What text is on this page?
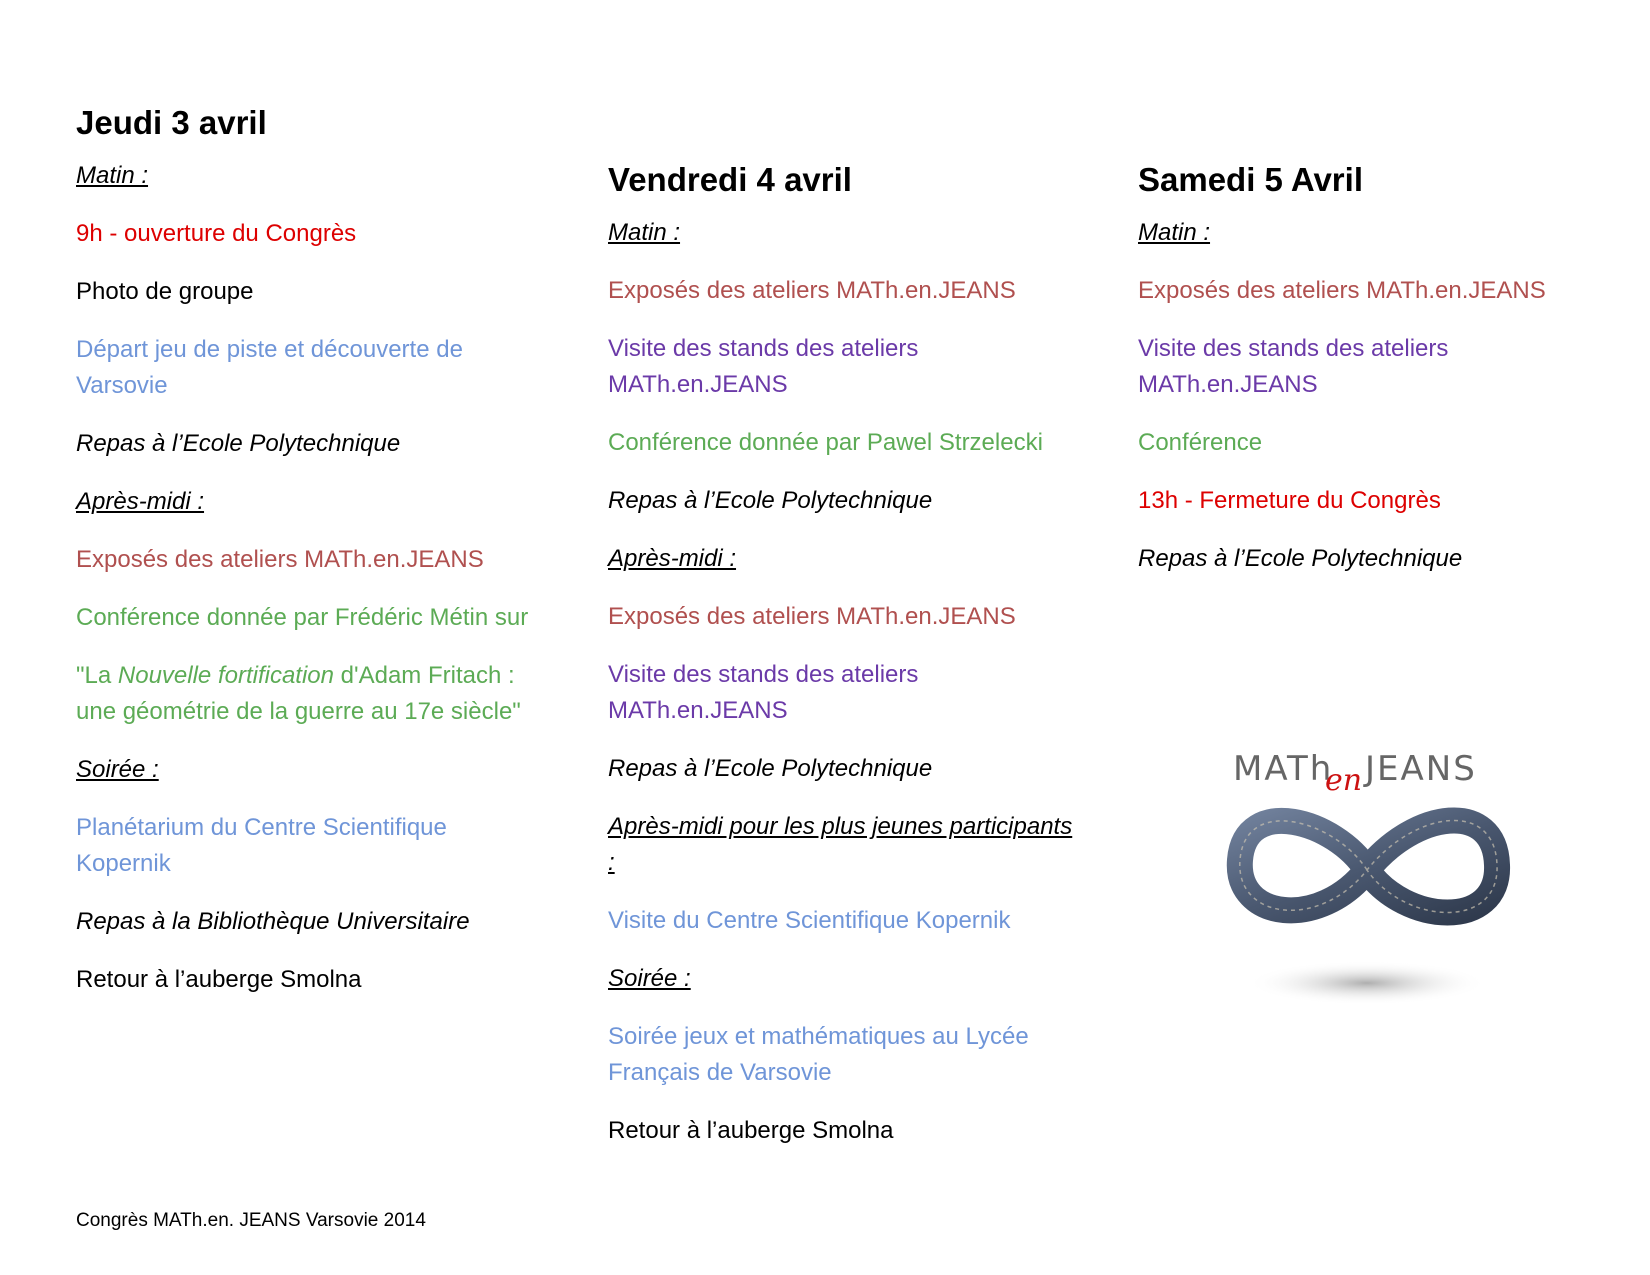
Jeudi 3 avril
Matin :
9h - ouverture du Congrès
Photo de groupe
Départ jeu de piste et découverte de Varsovie
Repas à l’Ecole Polytechnique
Après-midi :
Exposés des ateliers MATh.en.JEANS
Conférence donnée par Frédéric Métin sur
"La Nouvelle fortification d'Adam Fritach : une géométrie de la guerre au 17e siècle"
Soirée :
Planétarium du Centre Scientifique Kopernik
Repas à la Bibliothèque Universitaire
Retour à l’auberge Smolna
Vendredi 4 avril
Matin :
Exposés des ateliers MATh.en.JEANS
Visite des stands des ateliers MATh.en.JEANS
Conférence donnée par Pawel Strzelecki
Repas à l’Ecole Polytechnique
Après-midi :
Exposés des ateliers MATh.en.JEANS
Visite des stands des ateliers MATh.en.JEANS
Repas à l’Ecole Polytechnique
Après-midi pour les plus jeunes participants :
Visite du Centre Scientifique Kopernik
Soirée :
Soirée jeux et mathématiques au Lycée Français de Varsovie
Retour à l’auberge Smolna
Samedi 5 Avril
Matin :
Exposés des ateliers MATh.en.JEANS
Visite des stands des ateliers MATh.en.JEANS
Conférence
13h - Fermeture du Congrès
Repas à l’Ecole Polytechnique
MATh
en JEANS
Congrès MATh.en. JEANS Varsovie 2014
